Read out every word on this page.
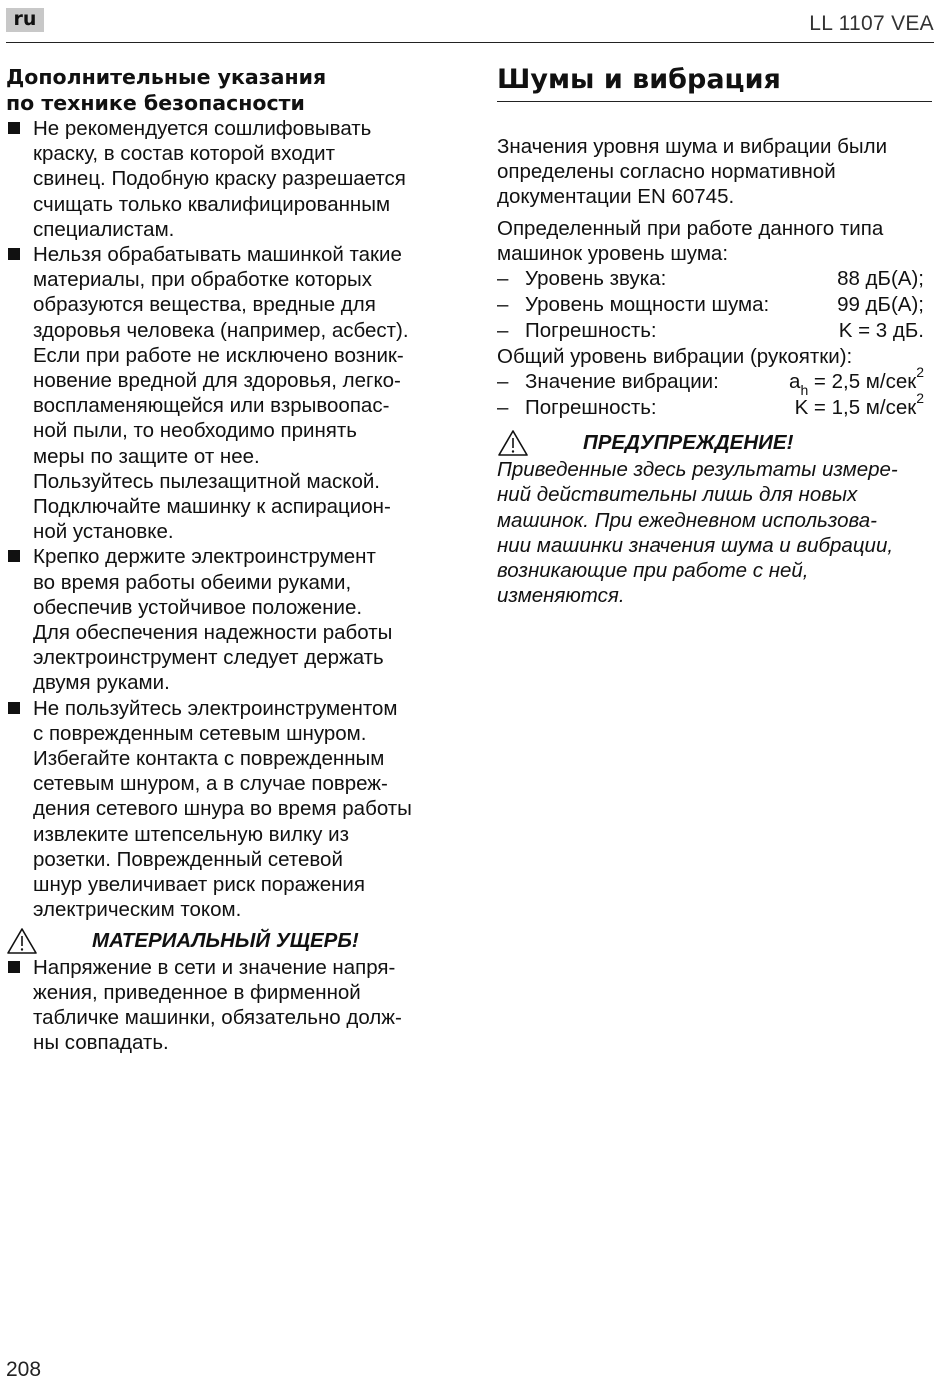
ru	LL 1107 VEA
Дополнительные указания
по технике безопасности
Не рекомендуется сошлифовывать
краску, в состав которой входит
свинец. Подобную краску разрешается
счищать только квалифицированным
специалистам.
Нельзя обрабатывать машинкой такие
материалы, при обработке которых
образуются вещества, вредные для
здоровья человека (например, асбест).
Если при работе не исключено возник-
новение вредной для здоровья, легко-
воспламеняющейся или взрывоопас-
ной пыли, то необходимо принять
меры по защите от нее.
Пользуйтесь пылезащитной маской.
Подключайте машинку к аспирацион-
ной установке.
Крепко держите электроинструмент
во время работы обеими руками,
обеспечив устойчивое положение.
Для обеспечения надежности работы
электроинструмент следует держать
двумя руками.
Не пользуйтесь электроинструментом
с поврежденным сетевым шнуром.
Избегайте контакта с поврежденным
сетевым шнуром, а в случае повреж-
дения сетевого шнура во время работы
извлеките штепсельную вилку из
розетки. Поврежденный сетевой
шнур увеличивает риск поражения
электрическим током.
МАТЕРИАЛЬНЫЙ УЩЕРБ!
Напряжение в сети и значение напря-
жения, приведенное в фирменной
табличке машинки, обязательно долж-
ны совпадать.
Шумы и вибрация

Значения уровня шума и вибрации были
определены согласно нормативной
документации EN 60745.

Определенный при работе данного типа
машинок уровень шума:

– Уровень звука:	88 дБ(A);
– Уровень мощности шума:	99 дБ(A);
– Погрешность:	K = 3 дБ.
Общий уровень вибрации (рукоятки):
– Значение вибрации:	$a_h = 2,5$ м/сек$^2$
– Погрешность:	K = 1,5 м/сек$^2$
ПРЕДУПРЕЖДЕНИЕ!
Приведенные здесь результаты измере-
ний действительны лишь для новых
машинок. При ежедневном использова-
нии машинки значения шума и вибрации,
возникающие при работе с ней,
изменяются.
208
